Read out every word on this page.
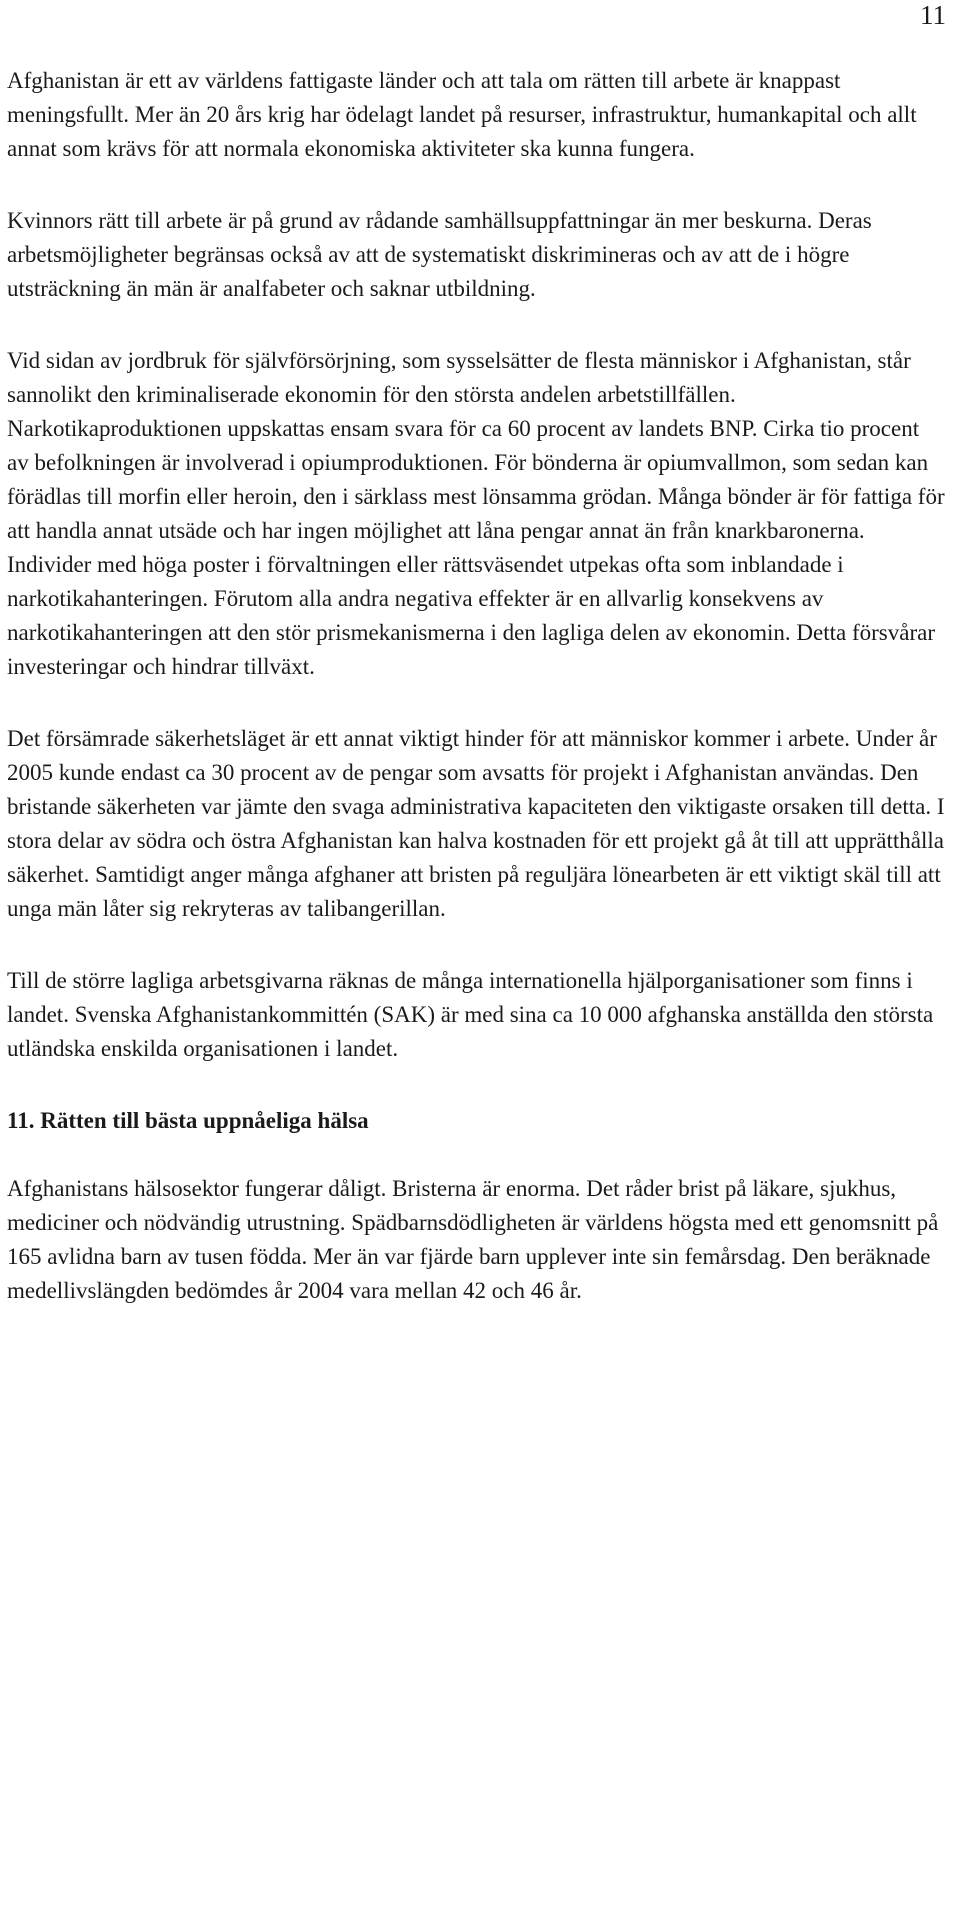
11

Afghanistan är ett av världens fattigaste länder och att tala om rätten till arbete är knappast meningsfullt. Mer än 20 års krig har ödelagt landet på resurser, infrastruktur, humankapital och allt annat som krävs för att normala ekonomiska aktiviteter ska kunna fungera.

Kvinnors rätt till arbete är på grund av rådande samhällsuppfattningar än mer beskurna. Deras arbetsmöjligheter begränsas också av att de systematiskt diskrimineras och av att de i högre utsträckning än män är analfabeter och saknar utbildning.

Vid sidan av jordbruk för självförsörjning, som sysselsätter de flesta människor i Afghanistan, står sannolikt den kriminaliserade ekonomin för den största andelen arbetstillfällen. Narkotikaproduktionen uppskattas ensam svara för ca 60 procent av landets BNP. Cirka tio procent av befolkningen är involverad i opiumproduktionen. För bönderna är opiumvallmon, som sedan kan förädlas till morfin eller heroin, den i särklass mest lönsamma grödan. Många bönder är för fattiga för att handla annat utsäde och har ingen möjlighet att låna pengar annat än från knarkbaronerna. Individer med höga poster i förvaltningen eller rättsväsendet utpekas ofta som inblandade i narkotikahanteringen. Förutom alla andra negativa effekter är en allvarlig konsekvens av narkotikahanteringen att den stör prismekanismerna i den lagliga delen av ekonomin. Detta försvårar investeringar och hindrar tillväxt.

Det försämrade säkerhetsläget är ett annat viktigt hinder för att människor kommer i arbete. Under år 2005 kunde endast ca 30 procent av de pengar som avsatts för projekt i Afghanistan användas. Den bristande säkerheten var jämte den svaga administrativa kapaciteten den viktigaste orsaken till detta. I stora delar av södra och östra Afghanistan kan halva kostnaden för ett projekt gå åt till att upprätthålla säkerhet. Samtidigt anger många afghaner att bristen på reguljära lönearbeten är ett viktigt skäl till att unga män låter sig rekryteras av talibangerillan.

Till de större lagliga arbetsgivarna räknas de många internationella hjälporganisationer som finns i landet. Svenska Afghanistankommittén (SAK) är med sina ca 10 000 afghanska anställda den största utländska enskilda organisationen i landet.

11. Rätten till bästa uppnåeliga hälsa

Afghanistans hälsosektor fungerar dåligt. Bristerna är enorma. Det råder brist på läkare, sjukhus, mediciner och nödvändig utrustning. Spädbarnsdödligheten är världens högsta med ett genomsnitt på 165 avlidna barn av tusen födda. Mer än var fjärde barn upplever inte sin femårsdag. Den beräknade medellivslängden bedömdes år 2004 vara mellan 42 och 46 år.
